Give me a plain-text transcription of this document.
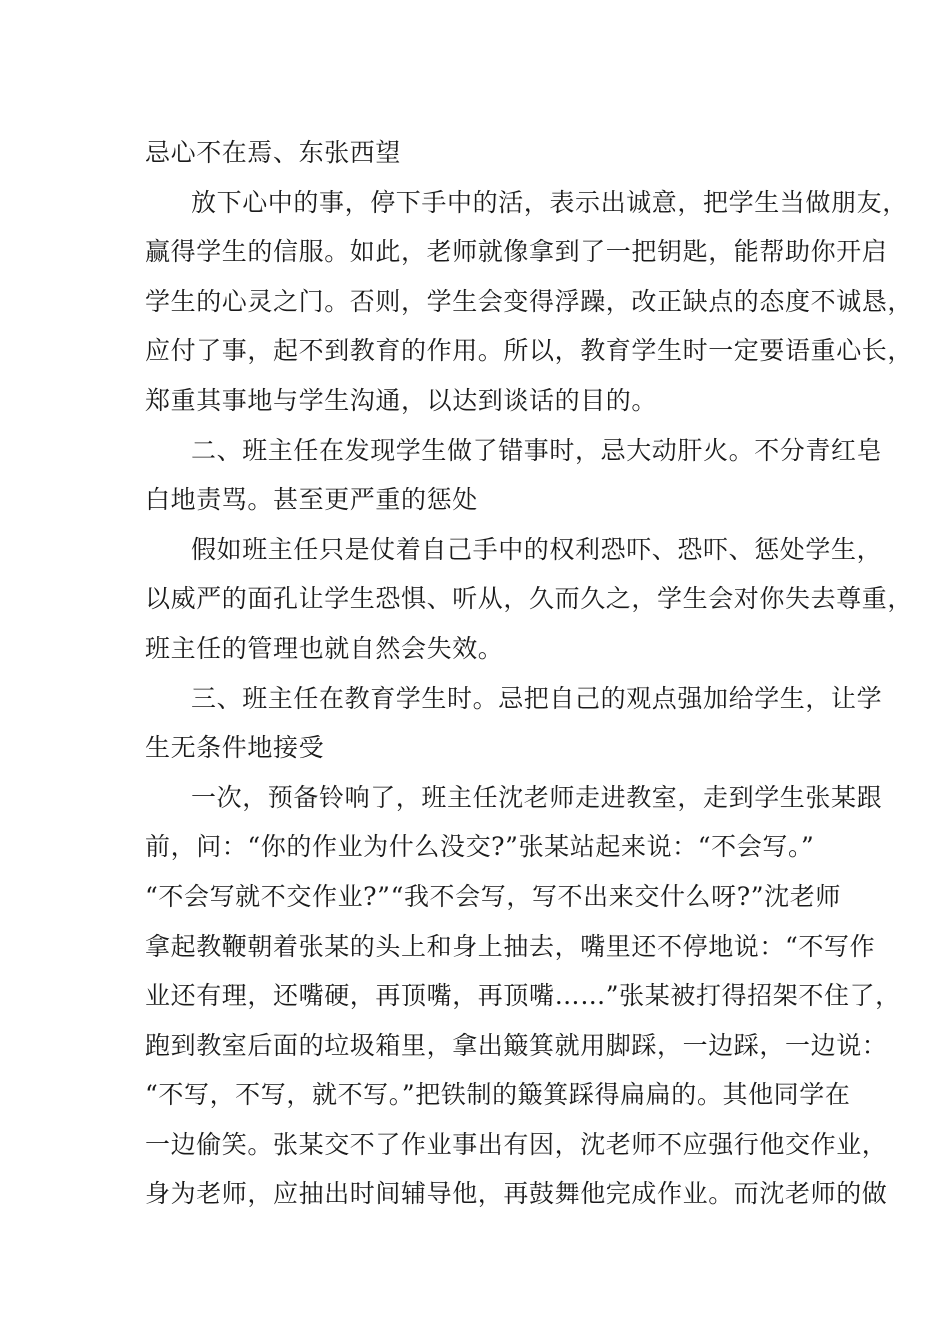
忌心不在焉、东张西望
放下心中的事，停下手中的活，表示出诚意，把学生当做朋友，
赢得学生的信服。如此，老师就像拿到了一把钥匙，能帮助你开启
学生的心灵之门。否则，学生会变得浮躁，改正缺点的态度不诚恳，
应付了事，起不到教育的作用。所以，教育学生时一定要语重心长，
郑重其事地与学生沟通，以达到谈话的目的。
二、班主任在发现学生做了错事时，忌大动肝火。不分青红皂
白地责骂。甚至更严重的惩处
假如班主任只是仗着自己手中的权利恐吓、恐吓、惩处学生，
以威严的面孔让学生恐惧、听从，久而久之，学生会对你失去尊重，
班主任的管理也就自然会失效。
三、班主任在教育学生时。忌把自己的观点强加给学生，让学
生无条件地接受
一次，预备铃响了，班主任沈老师走进教室，走到学生张某跟
前，问：“你的作业为什么没交?”张某站起来说：“不会写。”
“不会写就不交作业?”“我不会写，写不出来交什么呀?”沈老师
拿起教鞭朝着张某的头上和身上抽去，嘴里还不停地说：“不写作
业还有理，还嘴硬，再顶嘴，再顶嘴……”张某被打得招架不住了，
跑到教室后面的垃圾箱里，拿出簸箕就用脚踩，一边踩，一边说：
“不写，不写，就不写。”把铁制的簸箕踩得扁扁的。其他同学在
一边偷笑。张某交不了作业事出有因，沈老师不应强行他交作业，
身为老师，应抽出时间辅导他，再鼓舞他完成作业。而沈老师的做
